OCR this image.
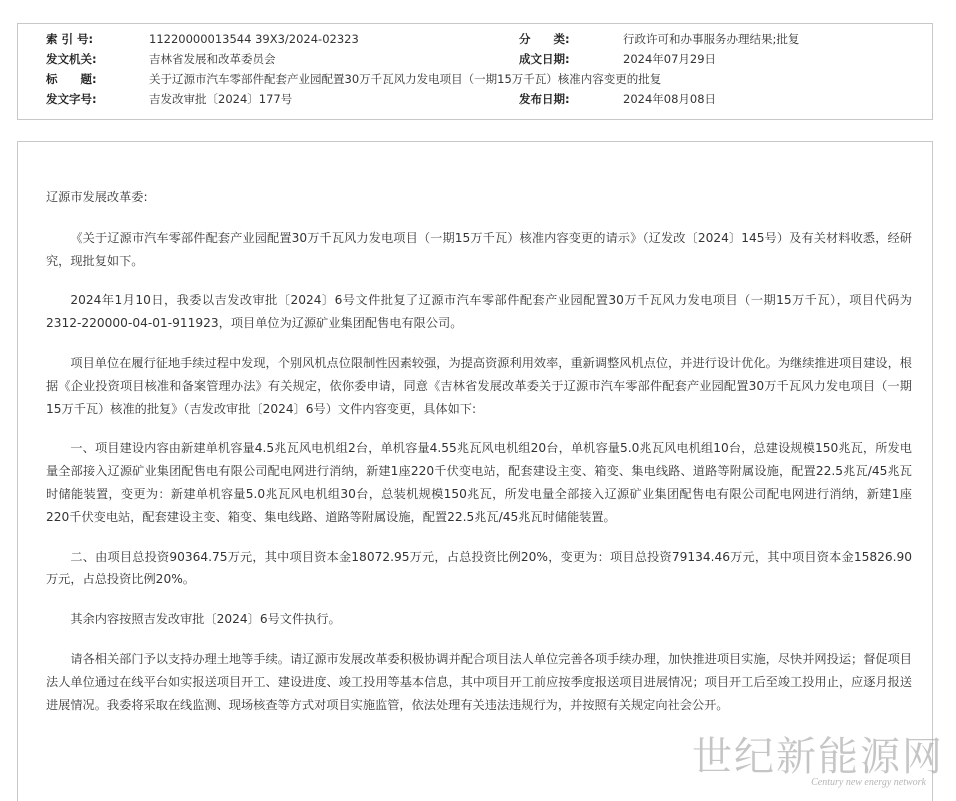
索 引 号:	11220000013544 39X3/2024-02323	分　　类:	行政许可和办事服务办理结果;批复
发文机关:	吉林省发展和改革委员会	成文日期:	2024年07月29日
标　　题:	关于辽源市汽车零部件配套产业园配置30万千瓦风力发电项目（一期15万千瓦）核准内容变更的批复
发文字号:	吉发改审批〔2024〕177号	发布日期:	2024年08月08日

辽源市发展改革委:

《关于辽源市汽车零部件配套产业园配置30万千瓦风力发电项目（一期15万千瓦）核准内容变更的请示》（辽发改〔2024〕145号）及有关材料收悉，经研究，现批复如下。

2024年1月10日，我委以吉发改审批〔2024〕6号文件批复了辽源市汽车零部件配套产业园配置30万千瓦风力发电项目（一期15万千瓦），项目代码为2312-220000-04-01-911923，项目单位为辽源矿业集团配售电有限公司。

项目单位在履行征地手续过程中发现，个别风机点位限制性因素较强，为提高资源利用效率，重新调整风机点位，并进行设计优化。为继续推进项目建设，根据《企业投资项目核准和备案管理办法》有关规定，依你委申请，同意《吉林省发展改革委关于辽源市汽车零部件配套产业园配置30万千瓦风力发电项目（一期15万千瓦）核准的批复》（吉发改审批〔2024〕6号）文件内容变更，具体如下:

一、项目建设内容由新建单机容量4.5兆瓦风电机组2台，单机容量4.55兆瓦风电机组20台，单机容量5.0兆瓦风电机组10台，总建设规模150兆瓦，所发电量全部接入辽源矿业集团配售电有限公司配电网进行消纳，新建1座220千伏变电站，配套建设主变、箱变、集电线路、道路等附属设施，配置22.5兆瓦/45兆瓦时储能装置，变更为：新建单机容量5.0兆瓦风电机组30台，总装机规模150兆瓦，所发电量全部接入辽源矿业集团配售电有限公司配电网进行消纳，新建1座220千伏变电站，配套建设主变、箱变、集电线路、道路等附属设施，配置22.5兆瓦/45兆瓦时储能装置。

二、由项目总投资90364.75万元，其中项目资本金18072.95万元，占总投资比例20%，变更为：项目总投资79134.46万元，其中项目资本金15826.90万元，占总投资比例20%。

其余内容按照吉发改审批〔2024〕6号文件执行。

请各相关部门予以支持办理土地等手续。请辽源市发展改革委积极协调并配合项目法人单位完善各项手续办理，加快推进项目实施，尽快并网投运；督促项目法人单位通过在线平台如实报送项目开工、建设进度、竣工投用等基本信息，其中项目开工前应按季度报送项目进展情况；项目开工后至竣工投用止，应逐月报送进展情况。我委将采取在线监测、现场核查等方式对项目实施监管，依法处理有关违法违规行为，并按照有关规定向社会公开。

世纪新能源网
Century new energy network
